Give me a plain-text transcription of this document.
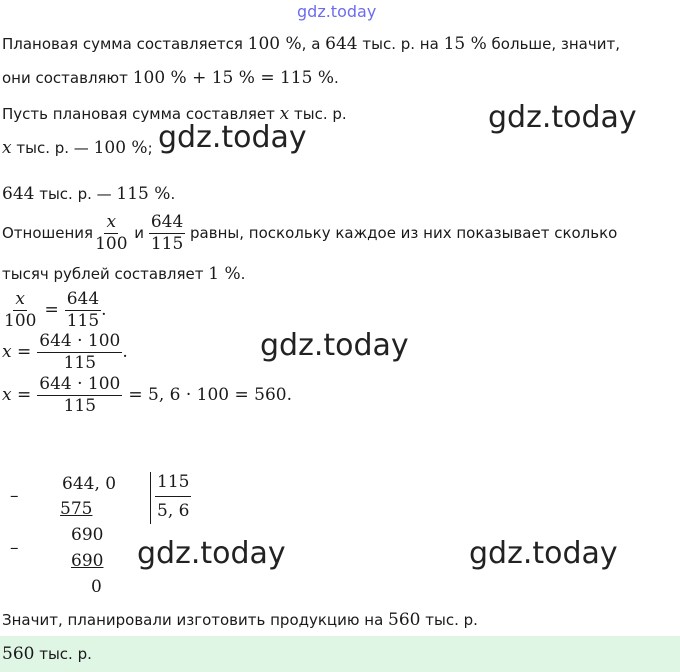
gdz.today
Плановая сумма составляется 100 %, а 644 тыс. р. на 15 % больше, значит,
они составляют 100 % + 15 % = 115 %.
Пусть плановая сумма составляет x тыс. р.	gdz.today
x тыс. р. — 100 %; gdz.today
644 тыс. р. — 115 %.
Отношения $\frac{x}{100}$ и $\frac{644}{115}$ равны, поскольку каждое из них показывает сколько
тысяч рублей составляет 1 %.
$\frac{x}{100} = \frac{644}{115}$ .
$x = \frac{644 \cdot 100}{115}$ .	gdz.today
$x = \frac{644 \cdot 100}{115} = 5$, 6 · 100 = 560.
–
644, 0
575
115
5, 6
–
690
690
0
gdz.today	gdz.today
Значит, планировали изготовить продукцию на 560 тыс. р.
560 тыс. р.
